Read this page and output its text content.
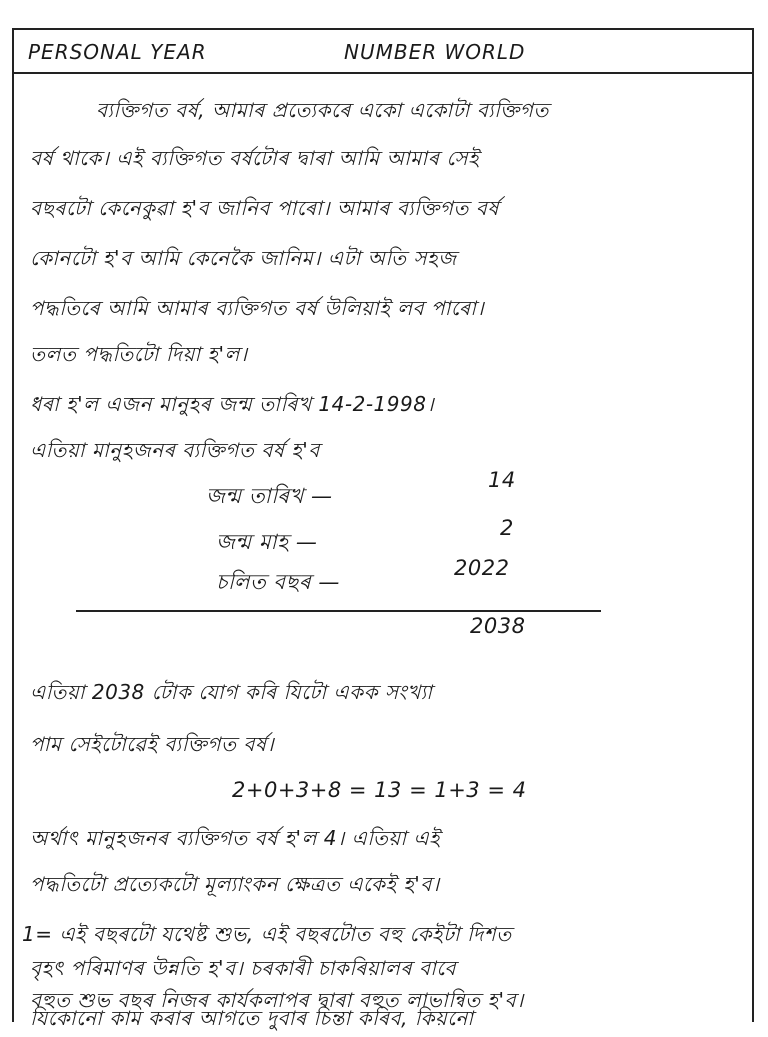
PERSONAL YEAR	NUMBER WORLD
ব্যক্তিগত বৰ্ষ, আমাৰ প্ৰত্যেকৰে একো একোটা ব্যক্তিগত
বৰ্ষ থাকে। এই ব্যক্তিগত বৰ্ষটোৰ দ্বাৰা আমি আমাৰ সেই
বছৰটো কেনেকুৱা হ'ব জানিব পাৰো। আমাৰ ব্যক্তিগত বৰ্ষ
কোনটো হ'ব আমি কেনেকৈ জানিম। এটা অতি সহজ
পদ্ধতিৰে আমি আমাৰ ব্যক্তিগত বৰ্ষ উলিয়াই লব পাৰো।
তলত পদ্ধতিটো দিয়া হ'ল।
ধৰা হ'ল এজন মানুহৰ জন্ম তাৰিখ 14-2-1998।
এতিয়া মানুহজনৰ ব্যক্তিগত বৰ্ষ হ'ব
জন্ম তাৰিখ —
14
জন্ম মাহ —
2
চলিত বছৰ —
2022
2038
এতিয়া 2038 টোক যোগ কৰি যিটো একক সংখ্যা
পাম সেইটোৱেই ব্যক্তিগত বৰ্ষ।
2+0+3+8 = 13 = 1+3 = 4
অৰ্থাৎ মানুহজনৰ ব্যক্তিগত বৰ্ষ হ'ল 4। এতিয়া এই
পদ্ধতিটো প্ৰত্যেকটো মূল্যাংকন ক্ষেত্ৰত একেই হ'ব।
1= এই বছৰটো যথেষ্ট শুভ, এই বছৰটোত বহু কেইটা দিশত
বৃহৎ পৰিমাণৰ উন্নতি হ'ব। চৰকাৰী চাকৰিয়ালৰ বাবে
বহুত শুভ বছৰ নিজৰ কাৰ্যকলাপৰ দ্বাৰা বহুত লাভান্বিত হ'ব।
যিকোনো কাম কৰাৰ আগতে দুবাৰ চিন্তা কৰিব, কিয়নো
